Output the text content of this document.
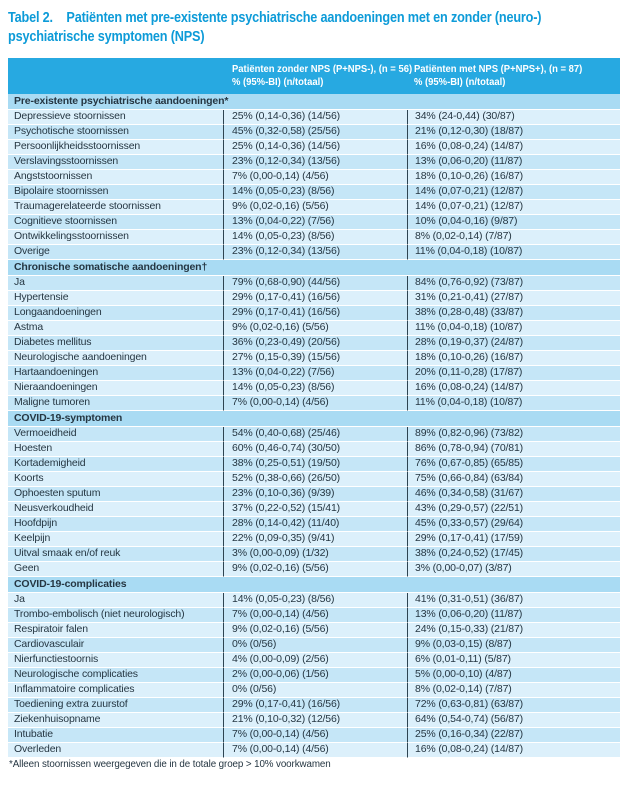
Tabel 2. Patiënten met pre-existente psychiatrische aandoeningen met en zonder (neuro-)
psychiatrische symptomen (NPS)
Patiënten zonder NPS (P+NPS-), (n = 56)
% (95%-BI) (n/totaal)
Patiënten met NPS (P+NPS+), (n = 87)
% (95%-BI) (n/totaal)
Pre-existente psychiatrische aandoeningen*
Depressieve stoornissen	25% (0,14-0,36) (14/56)	34% (24-0,44) (30/87)
Psychotische stoornissen	45% (0,32-0,58) (25/56)	21% (0,12-0,30) (18/87)
Persoonlijkheidsstoornissen	25% (0,14-0,36) (14/56)	16% (0,08-0,24) (14/87)
Verslavingsstoornissen	23% (0,12-0,34) (13/56)	13% (0,06-0,20) (11/87)
Angststoornissen	7% (0,00-0,14) (4/56)	18% (0,10-0,26) (16/87)
Bipolaire stoornissen	14% (0,05-0,23) (8/56)	14% (0,07-0,21) (12/87)
Traumagerelateerde stoornissen	9% (0,02-0,16) (5/56)	14% (0,07-0,21) (12/87)
Cognitieve stoornissen	13% (0,04-0,22) (7/56)	10% (0,04-0,16) (9/87)
Ontwikkelingsstoornissen	14% (0,05-0,23) (8/56)	8% (0,02-0,14) (7/87)
Overige	23% (0,12-0,34) (13/56)	11% (0,04-0,18) (10/87)
Chronische somatische aandoeningen†
Ja	79% (0,68-0,90) (44/56)	84% (0,76-0,92) (73/87)
Hypertensie	29% (0,17-0,41) (16/56)	31% (0,21-0,41) (27/87)
Longaandoeningen	29% (0,17-0,41) (16/56)	38% (0,28-0,48) (33/87)
Astma	9% (0,02-0,16) (5/56)	11% (0,04-0,18) (10/87)
Diabetes mellitus	36% (0,23-0,49) (20/56)	28% (0,19-0,37) (24/87)
Neurologische aandoeningen	27% (0,15-0,39) (15/56)	18% (0,10-0,26) (16/87)
Hartaandoeningen	13% (0,04-0,22) (7/56)	20% (0,11-0,28) (17/87)
Nieraandoeningen	14% (0,05-0,23) (8/56)	16% (0,08-0,24) (14/87)
Maligne tumoren	7% (0,00-0,14) (4/56)	11% (0,04-0,18) (10/87)
COVID-19-symptomen
Vermoeidheid	54% (0,40-0,68) (25/46)	89% (0,82-0,96) (73/82)
Hoesten	60% (0,46-0,74) (30/50)	86% (0,78-0,94) (70/81)
Kortademigheid	38% (0,25-0,51) (19/50)	76% (0,67-0,85) (65/85)
Koorts	52% (0,38-0,66) (26/50)	75% (0,66-0,84) (63/84)
Ophoesten sputum	23% (0,10-0,36) (9/39)	46% (0,34-0,58) (31/67)
Neusverkoudheid	37% (0,22-0,52) (15/41)	43% (0,29-0,57) (22/51)
Hoofdpijn	28% (0,14-0,42) (11/40)	45% (0,33-0,57) (29/64)
Keelpijn	22% (0,09-0,35) (9/41)	29% (0,17-0,41) (17/59)
Uitval smaak en/of reuk	3% (0,00-0,09) (1/32)	38% (0,24-0,52) (17/45)
Geen	9% (0,02-0,16) (5/56)	3% (0,00-0,07) (3/87)
COVID-19-complicaties
Ja	14% (0,05-0,23) (8/56)	41% (0,31-0,51) (36/87)
Trombo-embolisch (niet neurologisch)	7% (0,00-0,14) (4/56)	13% (0,06-0,20) (11/87)
Respiratoir falen	9% (0,02-0,16) (5/56)	24% (0,15-0,33) (21/87)
Cardiovasculair	0% (0/56)	9% (0,03-0,15) (8/87)
Nierfunctiestoornis	4% (0,00-0,09) (2/56)	6% (0,01-0,11) (5/87)
Neurologische complicaties	2% (0,00-0,06) (1/56)	5% (0,00-0,10) (4/87)
Inflammatoire complicaties	0% (0/56)	8% (0,02-0,14) (7/87)
Toediening extra zuurstof	29% (0,17-0,41) (16/56)	72% (0,63-0,81) (63/87)
Ziekenhuisopname	21% (0,10-0,32) (12/56)	64% (0,54-0,74) (56/87)
Intubatie	7% (0,00-0,14) (4/56)	25% (0,16-0,34) (22/87)
Overleden	7% (0,00-0,14) (4/56)	16% (0,08-0,24) (14/87)
*Alleen stoornissen weergegeven die in de totale groep > 10% voorkwamen
